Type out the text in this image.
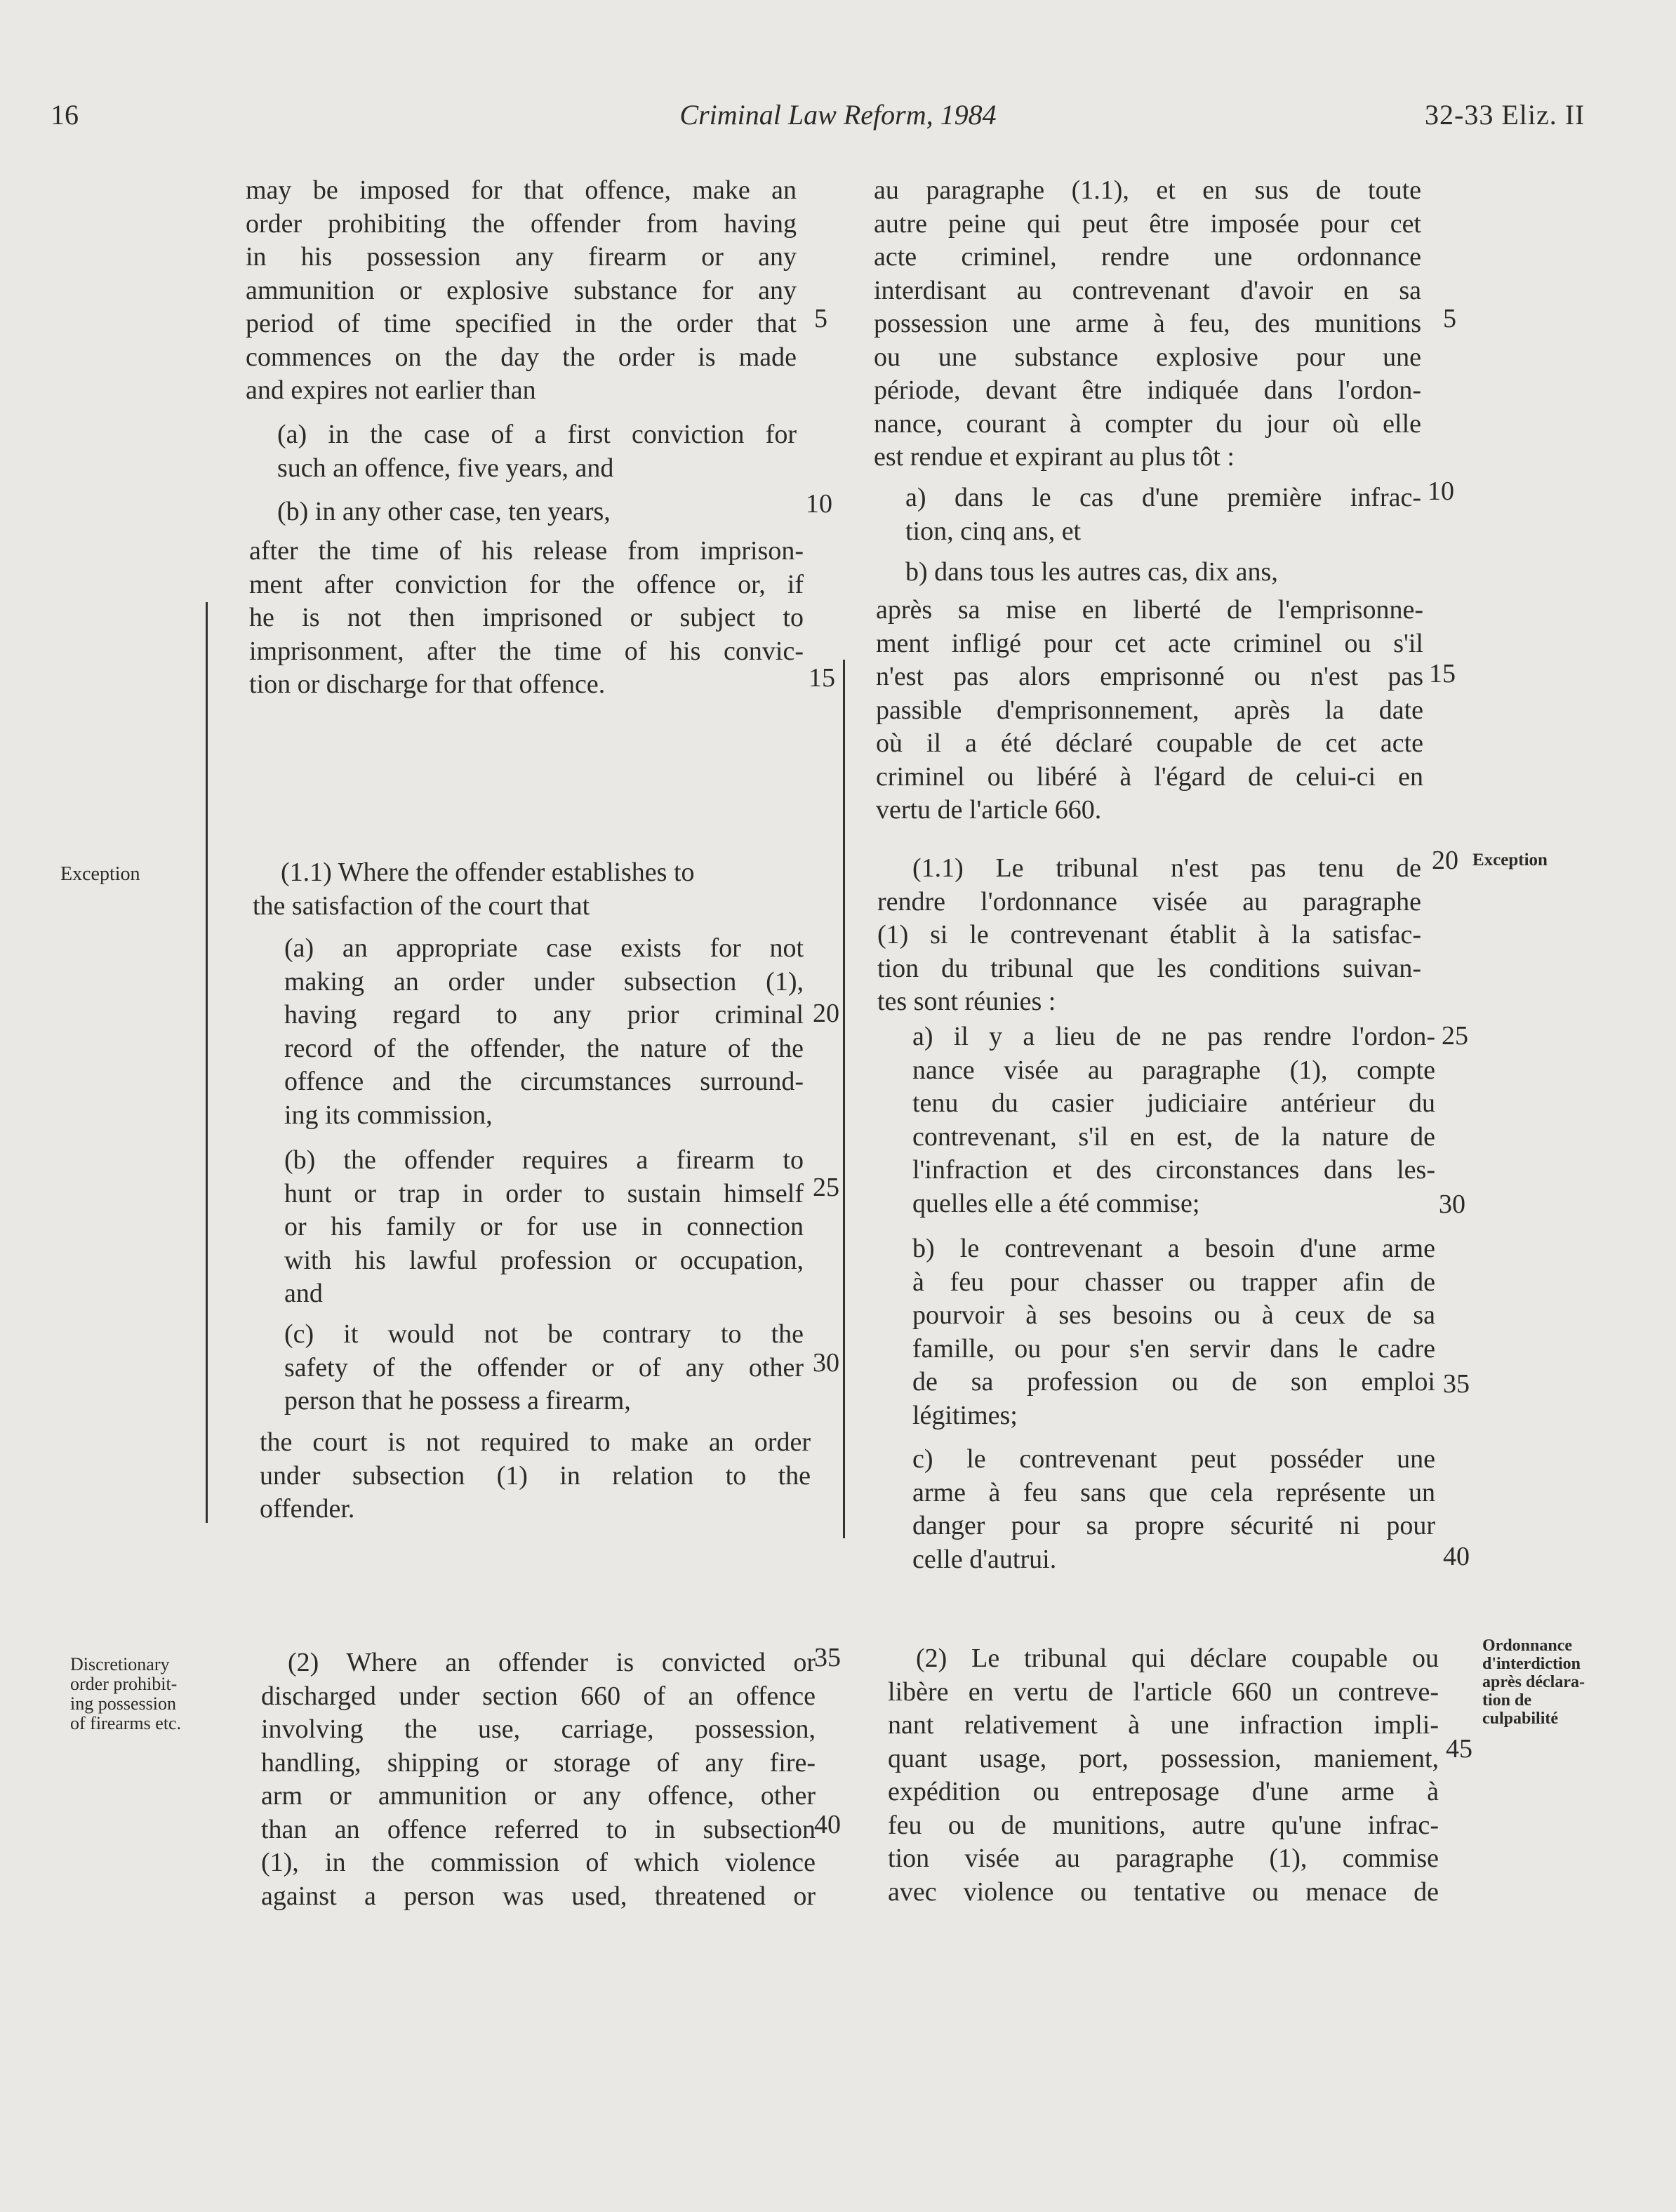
16	Criminal Law Reform, 1984	32-33 Eliz. II
may be imposed for that offence, make an
order prohibiting the offender from having
in his possession any firearm or any
ammunition or explosive substance for any
period of time specified in the order that
commences on the day the order is made
and expires not earlier than
(a) in the case of a first conviction for
such an offence, five years, and
(b) in any other case, ten years,
after the time of his release from imprison-
ment after conviction for the offence or, if
he is not then imprisoned or subject to
imprisonment, after the time of his convic-
tion or discharge for that offence.
Exception	(1.1) Where the offender establishes to
the satisfaction of the court that
(a) an appropriate case exists for not
making an order under subsection (1),
having regard to any prior criminal
record of the offender, the nature of the
offence and the circumstances surround-
ing its commission,
(b) the offender requires a firearm to
hunt or trap in order to sustain himself
or his family or for use in connection
with his lawful profession or occupation,
and
(c) it would not be contrary to the
safety of the offender or of any other
person that he possess a firearm,
the court is not required to make an order
under subsection (1) in relation to the
offender.
Discretionary
order prohibit-
ing possession
of firearms etc.
(2) Where an offender is convicted or
discharged under section 660 of an offence
involving the use, carriage, possession,
handling, shipping or storage of any fire-
arm or ammunition or any offence, other
than an offence referred to in subsection
(1), in the commission of which violence
against a person was used, threatened or
5
10
15
20
25
30
35
40
au paragraphe (1.1), et en sus de toute
autre peine qui peut être imposée pour cet
acte criminel, rendre une ordonnance
interdisant au contrevenant d'avoir en sa
possession une arme à feu, des munitions
ou une substance explosive pour une
période, devant être indiquée dans l'ordon-
nance, courant à compter du jour où elle
est rendue et expirant au plus tôt :
a) dans le cas d'une première infrac-
tion, cinq ans, et
b) dans tous les autres cas, dix ans,
après sa mise en liberté de l'emprisonne-
ment infligé pour cet acte criminel ou s'il
n'est pas alors emprisonné ou n'est pas
passible d'emprisonnement, après la date
où il a été déclaré coupable de cet acte
criminel ou libéré à l'égard de celui-ci en
vertu de l'article 660.
(1.1) Le tribunal n'est pas tenu de
rendre l'ordonnance visée au paragraphe
(1) si le contrevenant établit à la satisfac-
tion du tribunal que les conditions suivan-
tes sont réunies :
Exception
a) il y a lieu de ne pas rendre l'ordon-
nance visée au paragraphe (1), compte
tenu du casier judiciaire antérieur du
contrevenant, s'il en est, de la nature de
l'infraction et des circonstances dans les-
quelles elle a été commise;
b) le contrevenant a besoin d'une arme
à feu pour chasser ou trapper afin de
pourvoir à ses besoins ou à ceux de sa
famille, ou pour s'en servir dans le cadre
de sa profession ou de son emploi
légitimes;
c) le contrevenant peut posséder une
arme à feu sans que cela représente un
danger pour sa propre sécurité ni pour
celle d'autrui.
(2) Le tribunal qui déclare coupable ou
libère en vertu de l'article 660 un contreve-
nant relativement à une infraction impli-
quant usage, port, possession, maniement,
expédition ou entreposage d'une arme à
feu ou de munitions, autre qu'une infrac-
tion visée au paragraphe (1), commise
avec violence ou tentative ou menace de
Ordonnance
d'interdiction
après déclara-
tion de
culpabilité
5
10
15
20
25
30
35
40
45
